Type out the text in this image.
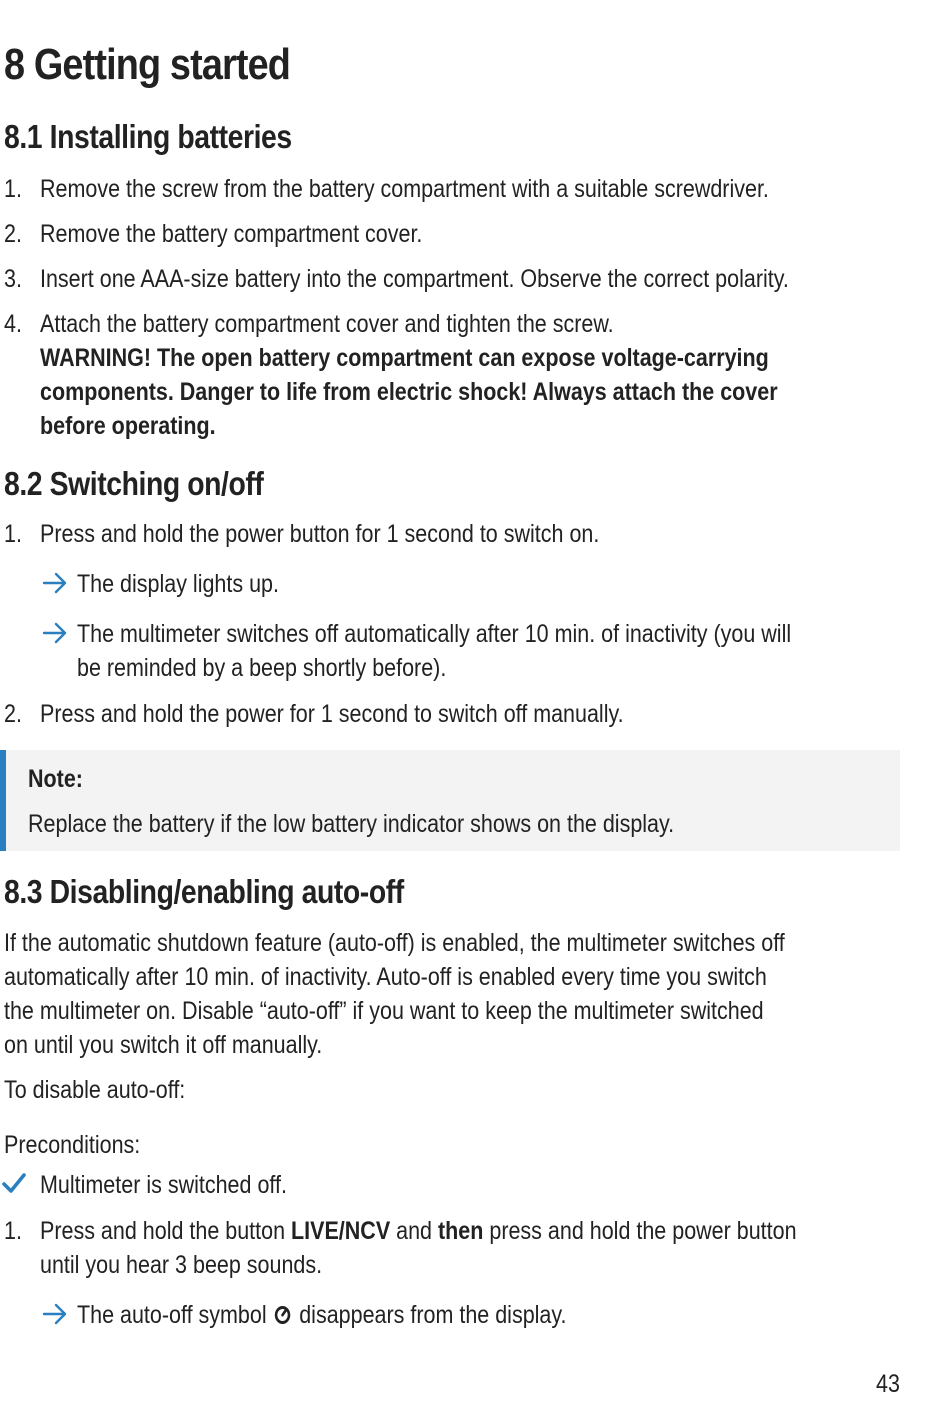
8 Getting started
8.1 Installing batteries
1. Remove the screw from the battery compartment with a suitable screwdriver.
2. Remove the battery compartment cover.
3. Insert one AAA-size battery into the compartment. Observe the correct polarity.
4. Attach the battery compartment cover and tighten the screw.
WARNING! The open battery compartment can expose voltage-carrying
components. Danger to life from electric shock! Always attach the cover
before operating.
8.2 Switching on/off
1. Press and hold the power button for 1 second to switch on.
The display lights up.
The multimeter switches off automatically after 10 min. of inactivity (you will
be reminded by a beep shortly before).
2. Press and hold the power for 1 second to switch off manually.
Note:
Replace the battery if the low battery indicator shows on the display.
8.3 Disabling/enabling auto-off
If the automatic shutdown feature (auto-off) is enabled, the multimeter switches off
automatically after 10 min. of inactivity. Auto-off is enabled every time you switch
the multimeter on. Disable “auto-off” if you want to keep the multimeter switched
on until you switch it off manually.
To disable auto-off:
Preconditions:
Multimeter is switched off.
1. Press and hold the button LIVE/NCV and then press and hold the power button
until you hear 3 beep sounds.
The auto-off symbol disappears from the display.
43
